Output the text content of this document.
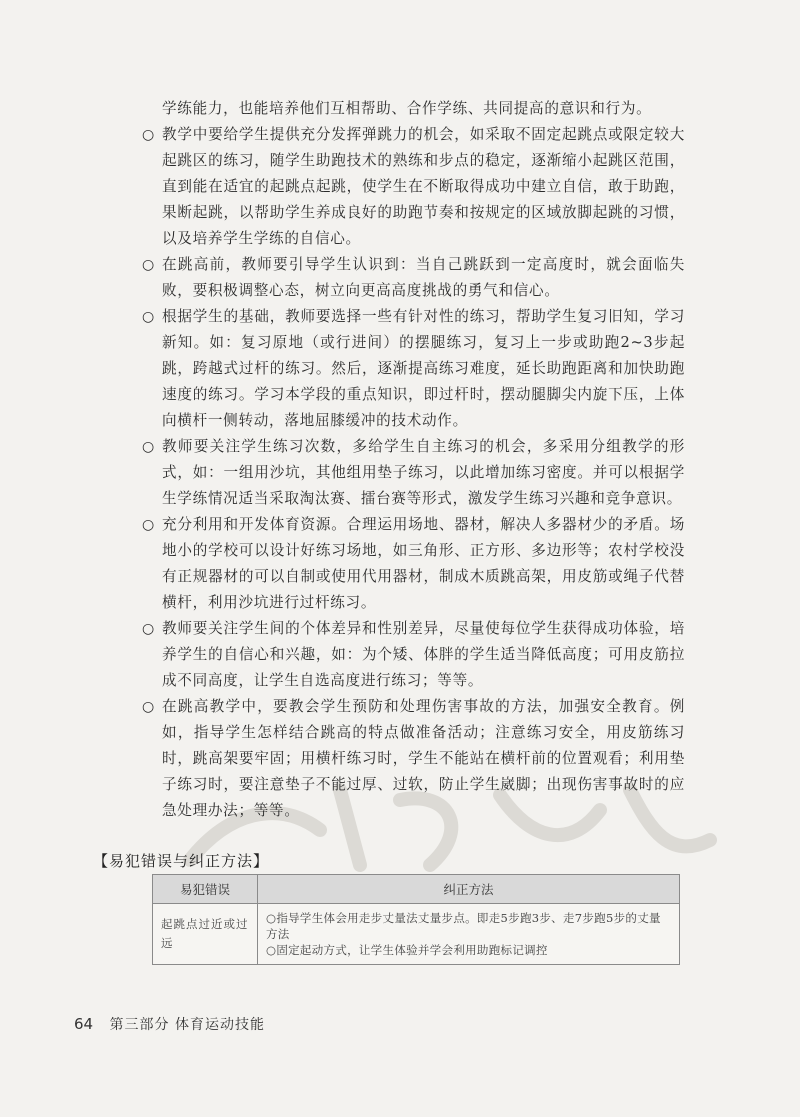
学练能力，也能培养他们互相帮助、合作学练、共同提高的意识和行为。

○ 教学中要给学生提供充分发挥弹跳力的机会，如采取不固定起跳点或限定较大起跳区的练习，随学生助跑技术的熟练和步点的稳定，逐渐缩小起跳区范围，直到能在适宜的起跳点起跳，使学生在不断取得成功中建立自信，敢于助跑，果断起跳，以帮助学生养成良好的助跑节奏和按规定的区域放脚起跳的习惯，以及培养学生学练的自信心。

○ 在跳高前，教师要引导学生认识到：当自己跳跃到一定高度时，就会面临失败，要积极调整心态，树立向更高高度挑战的勇气和信心。

○ 根据学生的基础，教师要选择一些有针对性的练习，帮助学生复习旧知，学习新知。如：复习原地（或行进间）的摆腿练习，复习上一步或助跑2~3步起跳，跨越式过杆的练习。然后，逐渐提高练习难度，延长助跑距离和加快助跑速度的练习。学习本学段的重点知识，即过杆时，摆动腿脚尖内旋下压，上体向横杆一侧转动，落地屈膝缓冲的技术动作。

○ 教师要关注学生练习次数，多给学生自主练习的机会，多采用分组教学的形式，如：一组用沙坑，其他组用垫子练习，以此增加练习密度。并可以根据学生学练情况适当采取淘汰赛、擂台赛等形式，激发学生练习兴趣和竞争意识。

○ 充分利用和开发体育资源。合理运用场地、器材，解决人多器材少的矛盾。场地小的学校可以设计好练习场地，如三角形、正方形、多边形等；农村学校没有正规器材的可以自制或使用代用器材，制成木质跳高架，用皮筋或绳子代替横杆，利用沙坑进行过杆练习。

○ 教师要关注学生间的个体差异和性别差异，尽量使每位学生获得成功体验，培养学生的自信心和兴趣，如：为个矮、体胖的学生适当降低高度；可用皮筋拉成不同高度，让学生自选高度进行练习；等等。

○ 在跳高教学中，要教会学生预防和处理伤害事故的方法，加强安全教育。例如，指导学生怎样结合跳高的特点做准备活动；注意练习安全，用皮筋练习时，跳高架要牢固；用横杆练习时，学生不能站在横杆前的位置观看；利用垫子练习时，要注意垫子不能过厚、过软，防止学生崴脚；出现伤害事故时的应急处理办法；等等。

【易犯错误与纠正方法】
易犯错误	纠正方法
起跳点过近或过远	○指导学生体会用走步丈量法丈量步点。即走5步跑3步、走7步跑5步的丈量方法
○固定起动方式，让学生体验并学会利用助跑标记调控
64 第三部分 体育运动技能
